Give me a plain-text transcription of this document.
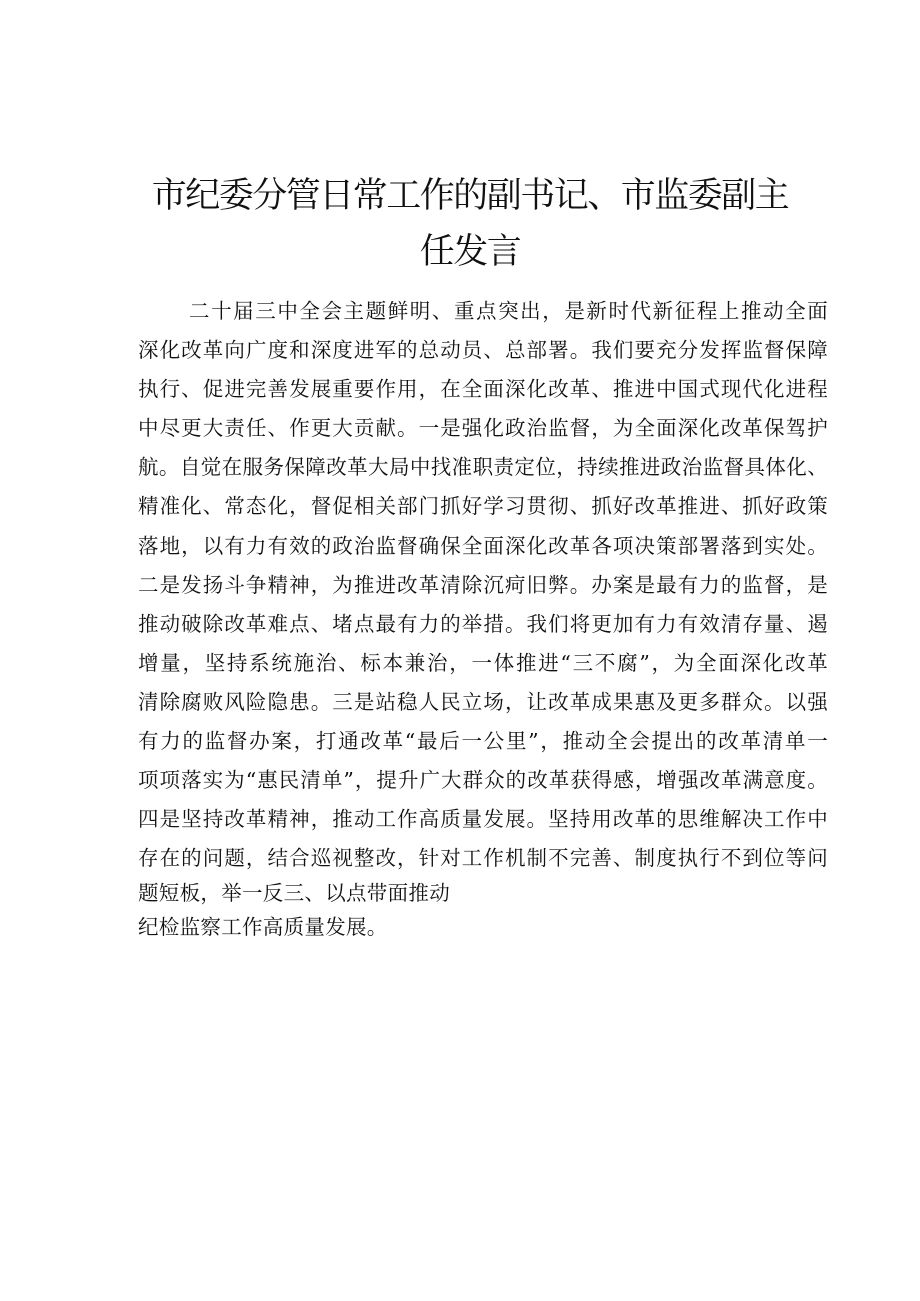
市纪委分管日常工作的副书记、市监委副主
任发言
二十届三中全会主题鲜明、重点突出，是新时代新征程上推动全面
深化改革向广度和深度进军的总动员、总部署。我们要充分发挥监督保障
执行、促进完善发展重要作用，在全面深化改革、推进中国式现代化进程
中尽更大责任、作更大贡献。一是强化政治监督，为全面深化改革保驾护
航。自觉在服务保障改革大局中找准职责定位，持续推进政治监督具体化、
精准化、常态化，督促相关部门抓好学习贯彻、抓好改革推进、抓好政策
落地，以有力有效的政治监督确保全面深化改革各项决策部署落到实处。
二是发扬斗争精神，为推进改革清除沉疴旧弊。办案是最有力的监督，是
推动破除改革难点、堵点最有力的举措。我们将更加有力有效清存量、遏
增量，坚持系统施治、标本兼治，一体推进“三不腐”，为全面深化改革
清除腐败风险隐患。三是站稳人民立场，让改革成果惠及更多群众。以强
有力的监督办案，打通改革“最后一公里”，推动全会提出的改革清单一
项项落实为“惠民清单”，提升广大群众的改革获得感，增强改革满意度。
四是坚持改革精神，推动工作高质量发展。坚持用改革的思维解决工作中
存在的问题，结合巡视整改，针对工作机制不完善、制度执行不到位等问
题短板，举一反三、以点带面推动
纪检监察工作高质量发展。
